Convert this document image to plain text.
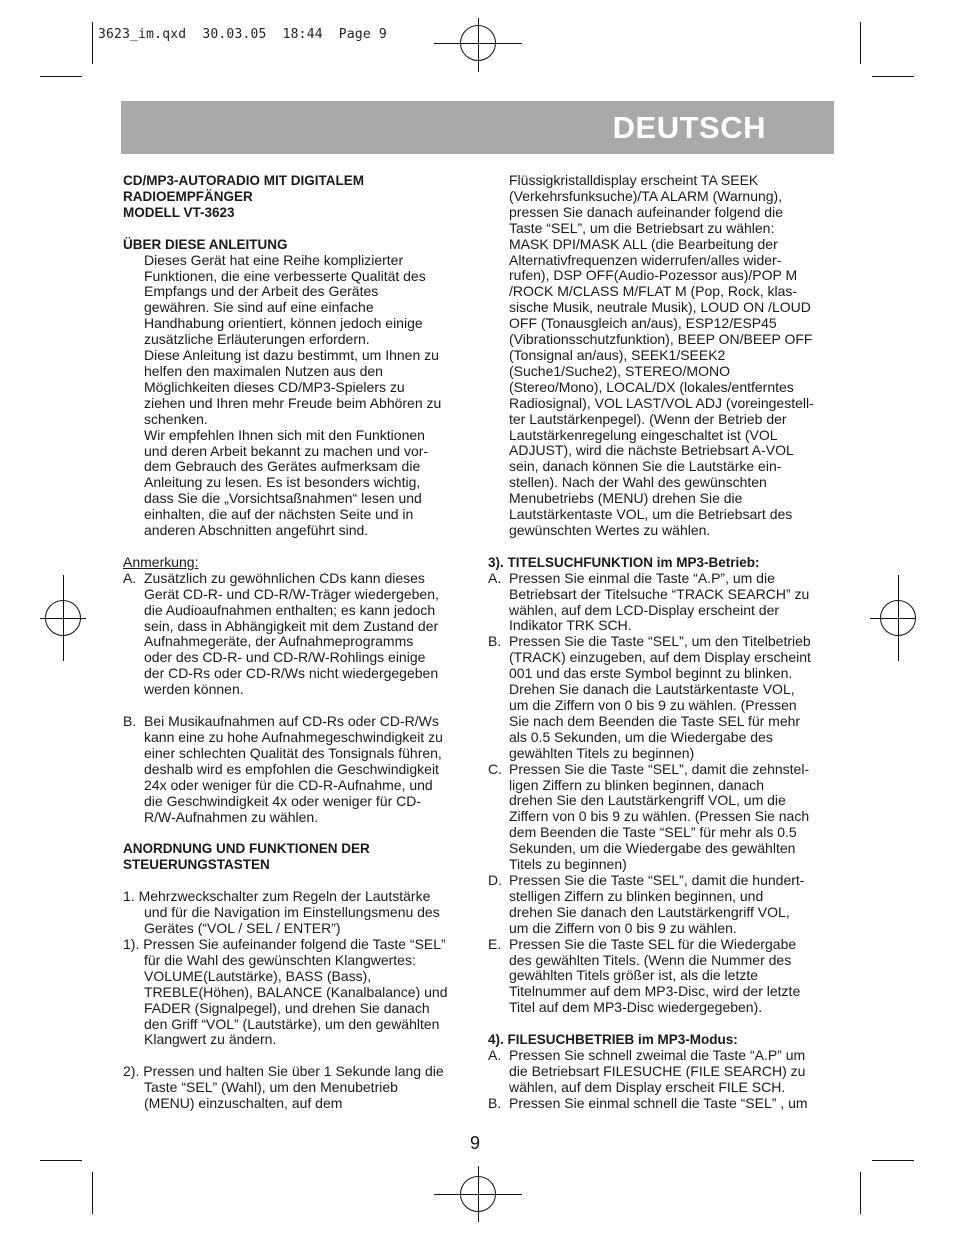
3623_im.qxd  30.03.05  18:44  Page 9
DEUTSCH

CD/MP3-AUTORADIO MIT DIGITALEM

RADIOEMPFÄNGER

MODELL VT-3623

ÜBER DIESE ANLEITUNG

Dieses Gerät hat eine Reihe komplizierter

Funktionen, die eine verbesserte Qualität des

Empfangs und der Arbeit des Gerätes

gewähren. Sie sind auf eine einfache

Handhabung orientiert, können jedoch einige

zusätzliche Erläuterungen erfordern.

Diese Anleitung ist dazu bestimmt, um Ihnen zu

helfen den maximalen Nutzen aus den

Möglichkeiten dieses CD/MP3-Spielers zu

ziehen und Ihren mehr Freude beim Abhören zu

schenken.

Wir empfehlen Ihnen sich mit den Funktionen

und deren Arbeit bekannt zu machen und vor-

dem Gebrauch des Gerätes aufmerksam die

Anleitung zu lesen. Es ist besonders wichtig,

dass Sie die „Vorsichtsaßnahmen“ lesen und

einhalten, die auf der nächsten Seite und in

anderen Abschnitten angeführt sind.

Anmerkung:

A. Zusätzlich zu gewöhnlichen CDs kann dieses

Gerät CD-R- und CD-R/W-Träger wiedergeben,

die Audioaufnahmen enthalten; es kann jedoch

sein, dass in Abhängigkeit mit dem Zustand der

Aufnahmegeräte, der Aufnahmeprogramms

oder des CD-R- und CD-R/W-Rohlings einige

der CD-Rs oder CD-R/Ws nicht wiedergegeben

werden können.

B. Bei Musikaufnahmen auf CD-Rs oder CD-R/Ws

kann eine zu hohe Aufnahmegeschwindigkeit zu

einer schlechten Qualität des Tonsignals führen,

deshalb wird es empfohlen die Geschwindigkeit

24x oder weniger für die CD-R-Aufnahme, und

die Geschwindigkeit 4x oder weniger für CD-

R/W-Aufnahmen zu wählen.

ANORDNUNG UND FUNKTIONEN DER

STEUERUNGSTASTEN

1. Mehrzweckschalter zum Regeln der Lautstärke

und für die Navigation im Einstellungsmenu des

Gerätes (“VOL / SEL / ENTER”)

1). Pressen Sie aufeinander folgend die Taste “SEL”

für die Wahl des gewünschten Klangwertes:

VOLUME(Lautstärke), BASS (Bass),

TREBLE(Höhen), BALANCE (Kanalbalance) und

FADER (Signalpegel), und drehen Sie danach

den Griff “VOL” (Lautstärke), um den gewählten

Klangwert zu ändern.

2). Pressen und halten Sie über 1 Sekunde lang die

Taste “SEL” (Wahl), um den Menubetrieb

(MENU) einzuschalten, auf dem

Flüssigkristalldisplay erscheint TA SEEK

(Verkehrsfunksuche)/TA ALARM (Warnung),

pressen Sie danach aufeinander folgend die

Taste “SEL”, um die Betriebsart zu wählen:

MASK DPI/MASK ALL (die Bearbeitung der

Alternativfrequenzen widerrufen/alles wider-

rufen), DSP OFF(Audio-Pozessor aus)/POP M

/ROCK M/CLASS M/FLAT M (Pop, Rock, klas-

sische Musik, neutrale Musik), LOUD ON /LOUD

OFF (Tonausgleich an/aus), ESP12/ESP45

(Vibrationsschutzfunktion), BEEP ON/BEEP OFF

(Tonsignal an/aus), SEEK1/SEEK2

(Suche1/Suche2), STEREO/MONO

(Stereo/Mono), LOCAL/DX (lokales/entferntes

Radiosignal), VOL LAST/VOL ADJ (voreingestell-

ter Lautstärkenpegel). (Wenn der Betrieb der

Lautstärkenregelung eingeschaltet ist (VOL

ADJUST), wird die nächste Betriebsart A-VOL

sein, danach können Sie die Lautstärke ein-

stellen). Nach der Wahl des gewünschten

Menubetriebs (MENU) drehen Sie die

Lautstärkentaste VOL, um die Betriebsart des

gewünschten Wertes zu wählen.

3). TITELSUCHFUNKTION im MP3-Betrieb:

A. Pressen Sie einmal die Taste “A.P”, um die

Betriebsart der Titelsuche “TRACK SEARCH” zu

wählen, auf dem LCD-Display erscheint der

Indikator TRK SCH.

B. Pressen Sie die Taste “SEL”, um den Titelbetrieb

(TRACK) einzugeben, auf dem Display erscheint

001 und das erste Symbol beginnt zu blinken.

Drehen Sie danach die Lautstärkentaste VOL,

um die Ziffern von 0 bis 9 zu wählen. (Pressen

Sie nach dem Beenden die Taste SEL für mehr

als 0.5 Sekunden, um die Wiedergabe des

gewählten Titels zu beginnen)

C. Pressen Sie die Taste “SEL”, damit die zehnstel-

ligen Ziffern zu blinken beginnen, danach

drehen Sie den Lautstärkengriff VOL, um die

Ziffern von 0 bis 9 zu wählen. (Pressen Sie nach

dem Beenden die Taste “SEL” für mehr als 0.5

Sekunden, um die Wiedergabe des gewählten

Titels zu beginnen)

D. Pressen Sie die Taste “SEL”, damit die hundert-

stelligen Ziffern zu blinken beginnen, und

drehen Sie danach den Lautstärkengriff VOL,

um die Ziffern von 0 bis 9 zu wählen.

E. Pressen Sie die Taste SEL für die Wiedergabe

des gewählten Titels. (Wenn die Nummer des

gewählten Titels größer ist, als die letzte

Titelnummer auf dem MP3-Disc, wird der letzte

Titel auf dem MP3-Disc wiedergegeben).

4). FILESUCHBETRIEB im MP3-Modus:

A. Pressen Sie schnell zweimal die Taste “A.P” um

die Betriebsart FILESUCHE (FILE SEARCH) zu

wählen, auf dem Display erscheit FILE SCH.

B. Pressen Sie einmal schnell die Taste “SEL” , um

9
